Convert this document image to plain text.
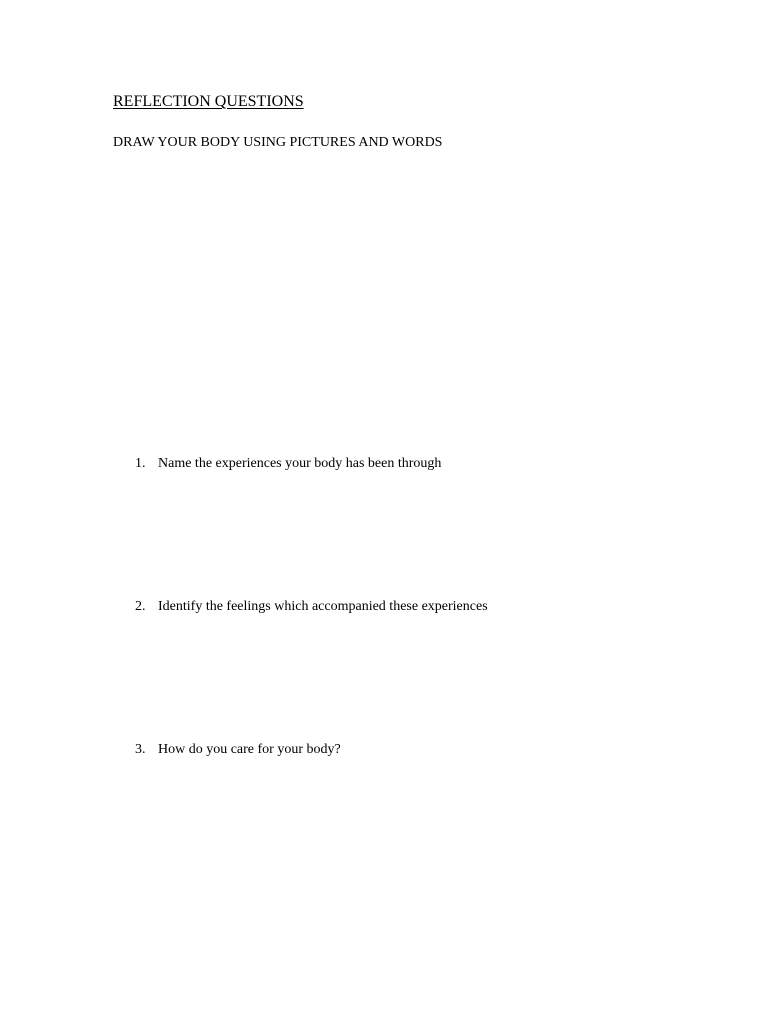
REFLECTION QUESTIONS
DRAW YOUR BODY USING PICTURES AND WORDS
1. Name the experiences your body has been through
2. Identify the feelings which accompanied these experiences
3. How do you care for your body?
